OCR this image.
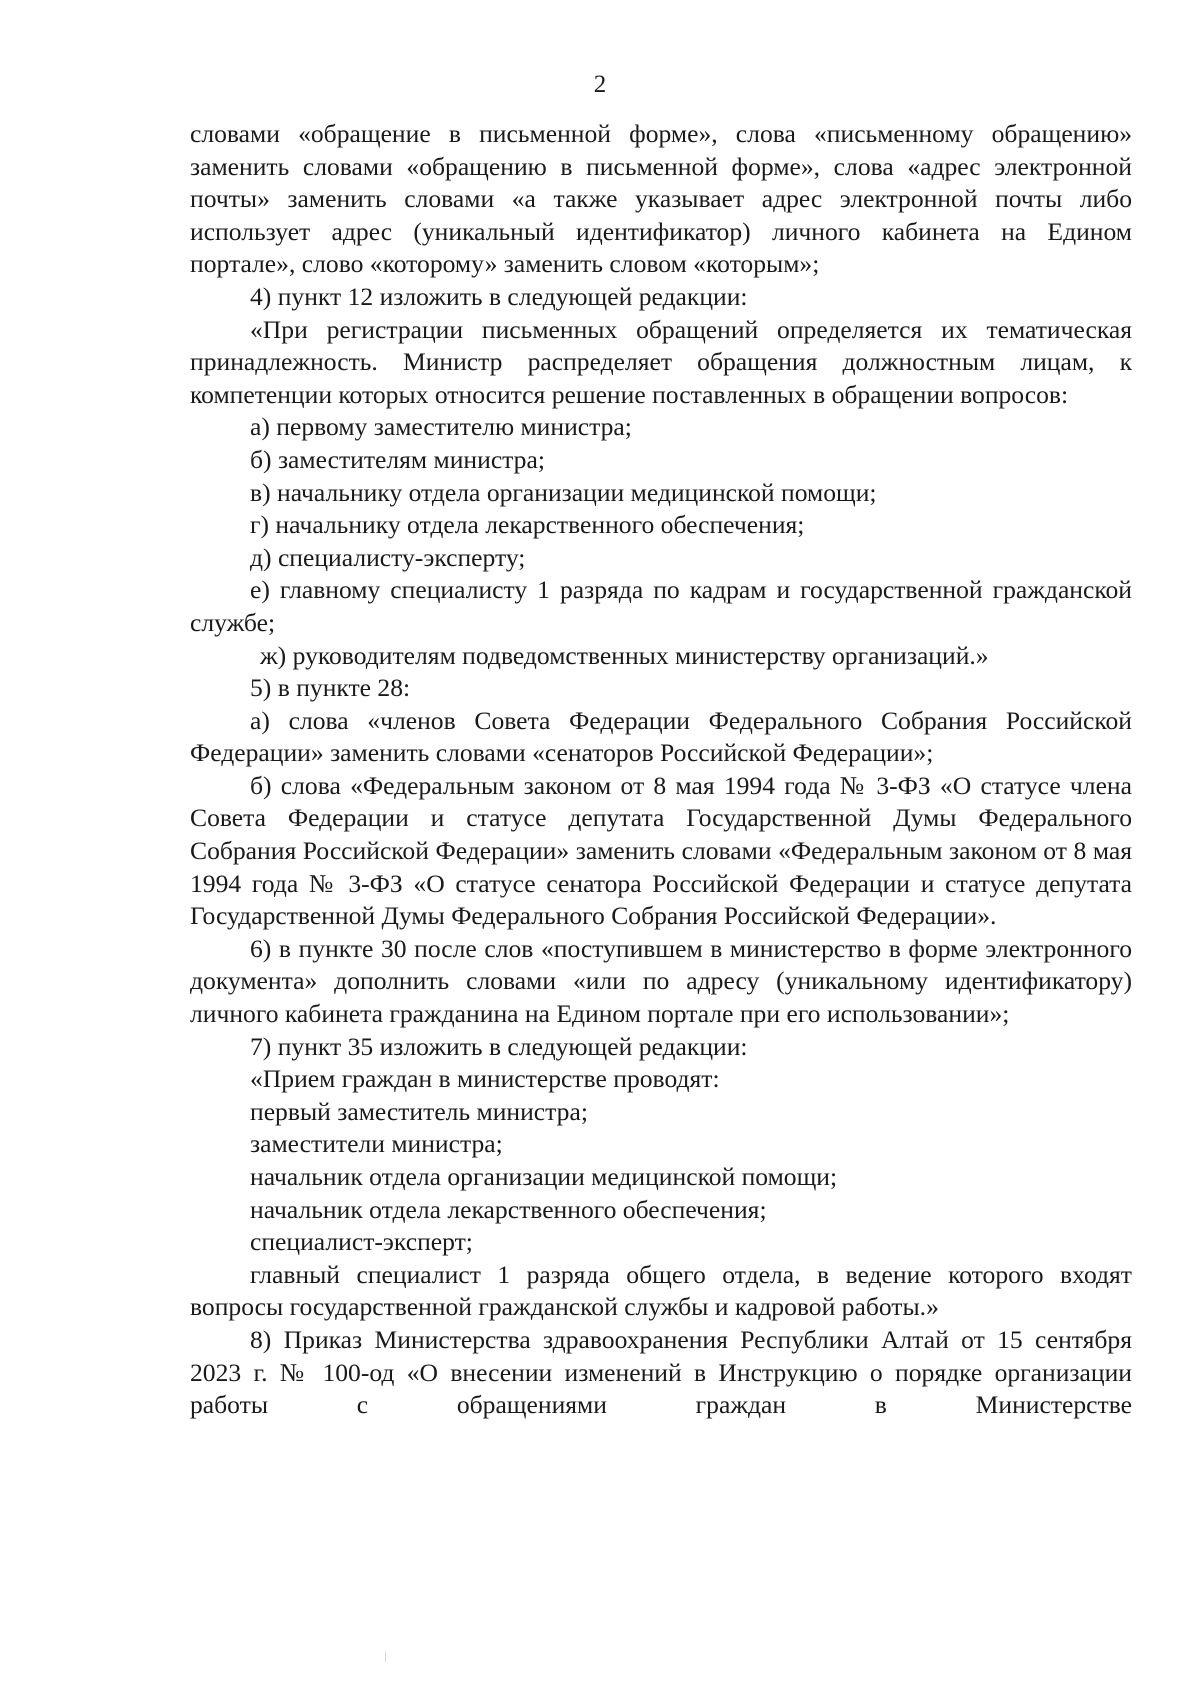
2

словами «обращение в письменной форме», слова «письменному обращению» заменить словами «обращению в письменной форме», слова «адрес электронной почты» заменить словами «а также указывает адрес электронной почты либо использует адрес (уникальный идентификатор) личного кабинета на Едином портале», слово «которому» заменить словом «которым»;

4) пункт 12 изложить в следующей редакции:

«При регистрации письменных обращений определяется их тематическая принадлежность. Министр распределяет обращения должностным лицам, к компетенции которых относится решение поставленных в обращении вопросов:

а) первому заместителю министра;

б) заместителям министра;

в) начальнику отдела организации медицинской помощи;

г) начальнику отдела лекарственного обеспечения;

д) специалисту-эксперту;

е) главному специалисту 1 разряда по кадрам и государственной гражданской службе;

ж) руководителям подведомственных министерству организаций.»

5) в пункте 28:

а) слова «членов Совета Федерации Федерального Собрания Российской Федерации» заменить словами «сенаторов Российской Федерации»;

б) слова «Федеральным законом от 8 мая 1994 года № 3-ФЗ «О статусе члена Совета Федерации и статусе депутата Государственной Думы Федерального Собрания Российской Федерации» заменить словами «Федеральным законом от 8 мая 1994 года № 3-ФЗ «О статусе сенатора Российской Федерации и статусе депутата Государственной Думы Федерального Собрания Российской Федерации».

6) в пункте 30 после слов «поступившем в министерство в форме электронного документа» дополнить словами «или по адресу (уникальному идентификатору) личного кабинета гражданина на Едином портале при его использовании»;

7) пункт 35 изложить в следующей редакции:

«Прием граждан в министерстве проводят:

первый заместитель министра;

заместители министра;

начальник отдела организации медицинской помощи;

начальник отдела лекарственного обеспечения;

специалист-эксперт;

главный специалист 1 разряда общего отдела, в ведение которого входят вопросы государственной гражданской службы и кадровой работы.»

8) Приказ Министерства здравоохранения Республики Алтай от 15 сентября 2023 г. № 100-од «О внесении изменений в Инструкцию о порядке организации работы с обращениями граждан в Министерстве
